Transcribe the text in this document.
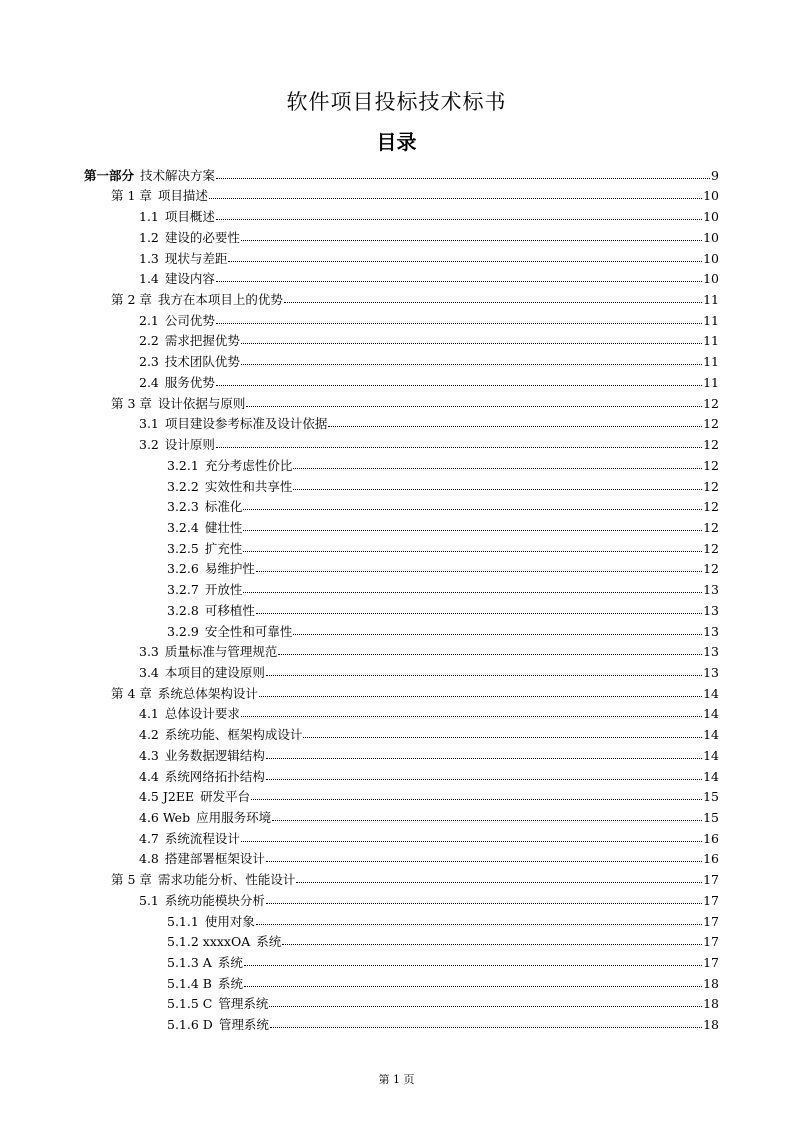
软件项目投标技术标书
目录
第一部分 技术解决方案	9
第 1 章 项目描述	10
1.1 项目概述	10
1.2 建设的必要性	10
1.3 现状与差距	10
1.4 建设内容	10
第 2 章 我方在本项目上的优势	11
2.1 公司优势	11
2.2 需求把握优势	11
2.3 技术团队优势	11
2.4 服务优势	11
第 3 章 设计依据与原则	12
3.1 项目建设参考标准及设计依据	12
3.2 设计原则	12
3.2.1 充分考虑性价比	12
3.2.2 实效性和共享性	12
3.2.3 标准化	12
3.2.4 健壮性	12
3.2.5 扩充性	12
3.2.6 易维护性	12
3.2.7 开放性	13
3.2.8 可移植性	13
3.2.9 安全性和可靠性	13
3.3 质量标准与管理规范	13
3.4 本项目的建设原则	13
第 4 章 系统总体架构设计	14
4.1 总体设计要求	14
4.2 系统功能、框架构成设计	14
4.3 业务数据逻辑结构	14
4.4 系统网络拓扑结构	14
4.5 J2EE 研发平台	15
4.6 Web 应用服务环境	15
4.7 系统流程设计	16
4.8 搭建部署框架设计	16
第 5 章 需求功能分析、性能设计	17
5.1 系统功能模块分析	17
5.1.1 使用对象	17
5.1.2 xxxxOA 系统	17
5.1.3 A 系统	17
5.1.4 B 系统	18
5.1.5 C 管理系统	18
5.1.6 D 管理系统	18
第 1 页
